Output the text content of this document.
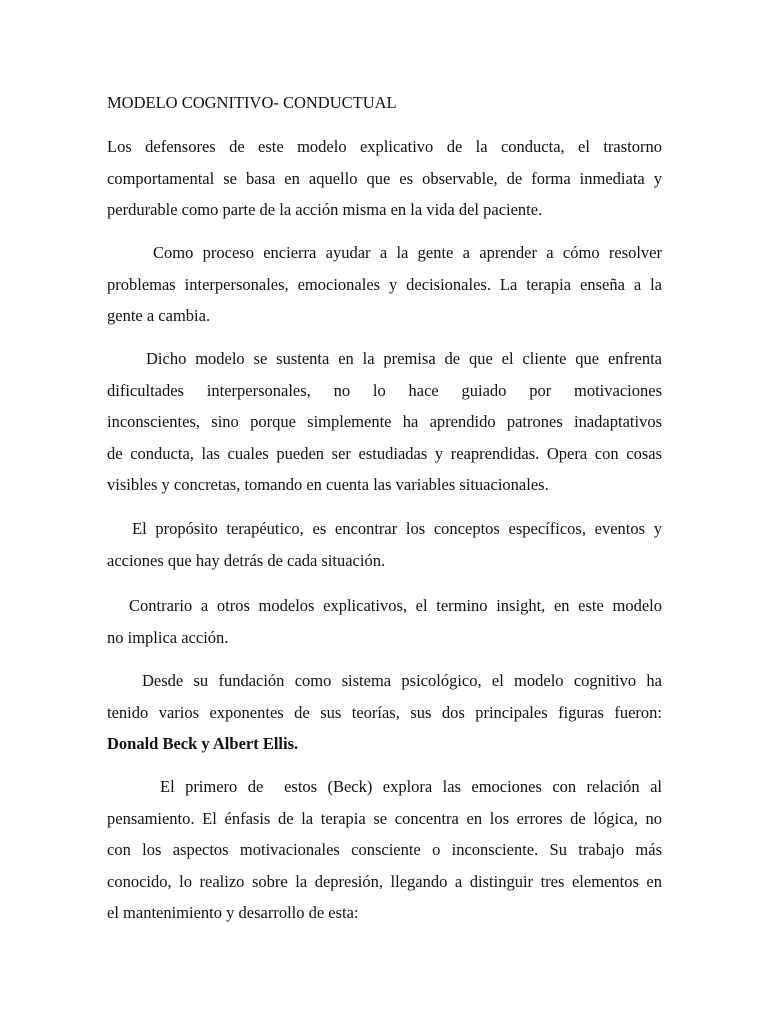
MODELO COGNITIVO- CONDUCTUAL
Los defensores de este modelo explicativo de la conducta, el trastorno
comportamental se basa en aquello que es observable, de forma inmediata y
perdurable como parte de la acción misma en la vida del paciente.
Como proceso encierra ayudar a la gente a aprender a cómo resolver
problemas interpersonales, emocionales y decisionales. La terapia enseña a la
gente a cambia.
Dicho modelo se sustenta en la premisa de que el cliente que enfrenta
dificultades interpersonales, no lo hace guiado por motivaciones
inconscientes, sino porque simplemente ha aprendido patrones inadaptativos
de conducta, las cuales pueden ser estudiadas y reaprendidas. Opera con cosas
visibles y concretas, tomando en cuenta las variables situacionales.
El propósito terapéutico, es encontrar los conceptos específicos, eventos y
acciones que hay detrás de cada situación.
Contrario a otros modelos explicativos, el termino insight, en este modelo
no implica acción.
Desde su fundación como sistema psicológico, el modelo cognitivo ha
tenido varios exponentes de sus teorías, sus dos principales figuras fueron:
Donald Beck y Albert Ellis.
El primero de  estos (Beck) explora las emociones con relación al
pensamiento. El énfasis de la terapia se concentra en los errores de lógica, no
con los aspectos motivacionales consciente o inconsciente. Su trabajo más
conocido, lo realizo sobre la depresión, llegando a distinguir tres elementos en
el mantenimiento y desarrollo de esta:
